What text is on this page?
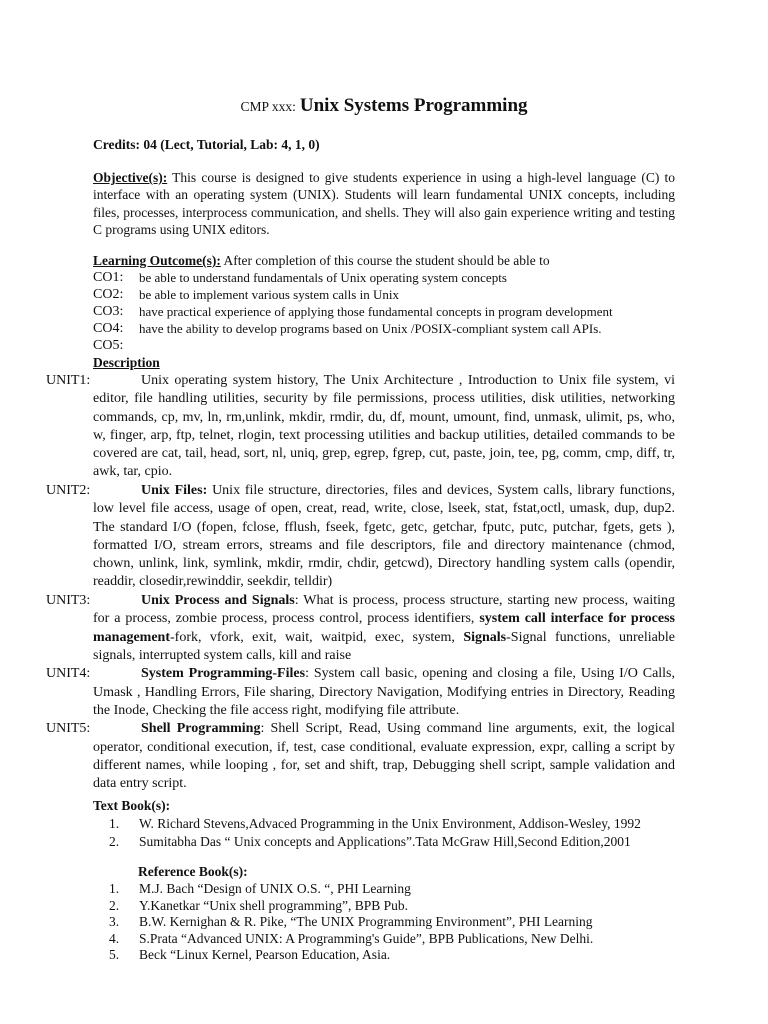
CMP xxx: Unix Systems Programming
Credits: 04 (Lect, Tutorial, Lab: 4, 1, 0)
Objective(s): This course is designed to give students experience in using a high-level language (C) to interface with an operating system (UNIX). Students will learn fundamental UNIX concepts, including files, processes, interprocess communication, and shells. They will also gain experience writing and testing C programs using UNIX editors.
Learning Outcome(s): After completion of this course the student should be able to
CO1:	be able to understand fundamentals of Unix operating system concepts
CO2:	be able to implement various system calls in Unix
CO3:	have practical experience of applying those fundamental concepts in program development
CO4:	have the ability to develop programs based on Unix /POSIX-compliant system call APIs.
CO5:
Description
UNIT1:	Unix operating system history, The Unix Architecture , Introduction to Unix file system, vi editor, file handling utilities, security by file permissions, process utilities, disk utilities, networking commands, cp, mv, ln, rm,unlink, mkdir, rmdir, du, df, mount, umount, find, unmask, ulimit, ps, who, w, finger, arp, ftp, telnet, rlogin, text processing utilities and backup utilities, detailed commands to be covered are cat, tail, head, sort, nl, uniq, grep, egrep, fgrep, cut, paste, join, tee, pg, comm, cmp, diff, tr, awk, tar, cpio.
UNIT2:	Unix Files: Unix file structure, directories, files and devices, System calls, library functions, low level file access, usage of open, creat, read, write, close, lseek, stat, fstat,octl, umask, dup, dup2. The standard I/O (fopen, fclose, fflush, fseek, fgetc, getc, getchar, fputc, putc, putchar, fgets, gets ), formatted I/O, stream errors, streams and file descriptors, file and directory maintenance (chmod, chown, unlink, link, symlink, mkdir, rmdir, chdir, getcwd), Directory handling system calls (opendir, readdir, closedir,rewinddir, seekdir, telldir)
UNIT3:	Unix Process and Signals: What is process, process structure, starting new process, waiting for a process, zombie process, process control, process identifiers, system call interface for process management-fork, vfork, exit, wait, waitpid, exec, system, Signals-Signal functions, unreliable signals, interrupted system calls, kill and raise
UNIT4:	System Programming-Files: System call basic, opening and closing a file, Using I/O Calls, Umask , Handling Errors, File sharing, Directory Navigation, Modifying entries in Directory, Reading the Inode, Checking the file access right, modifying file attribute.
UNIT5:	Shell Programming: Shell Script, Read, Using command line arguments, exit, the logical operator, conditional execution, if, test, case conditional, evaluate expression, expr, calling a script by different names, while looping , for, set and shift, trap, Debugging shell script, sample validation and data entry script.
Text Book(s):
1.	W. Richard Stevens,Advaced Programming in the Unix Environment, Addison-Wesley, 1992
2.	Sumitabha Das “ Unix concepts and Applications”.Tata McGraw Hill,Second Edition,2001
Reference Book(s):
1.	M.J. Bach “Design of UNIX O.S. “, PHI Learning
2.	Y.Kanetkar “Unix shell programming”, BPB Pub.
3.	B.W. Kernighan & R. Pike, “The UNIX Programming Environment”, PHI Learning
4.	S.Prata “Advanced UNIX: A Programming's Guide”, BPB Publications, New Delhi.
5.	Beck “Linux Kernel, Pearson Education, Asia.
